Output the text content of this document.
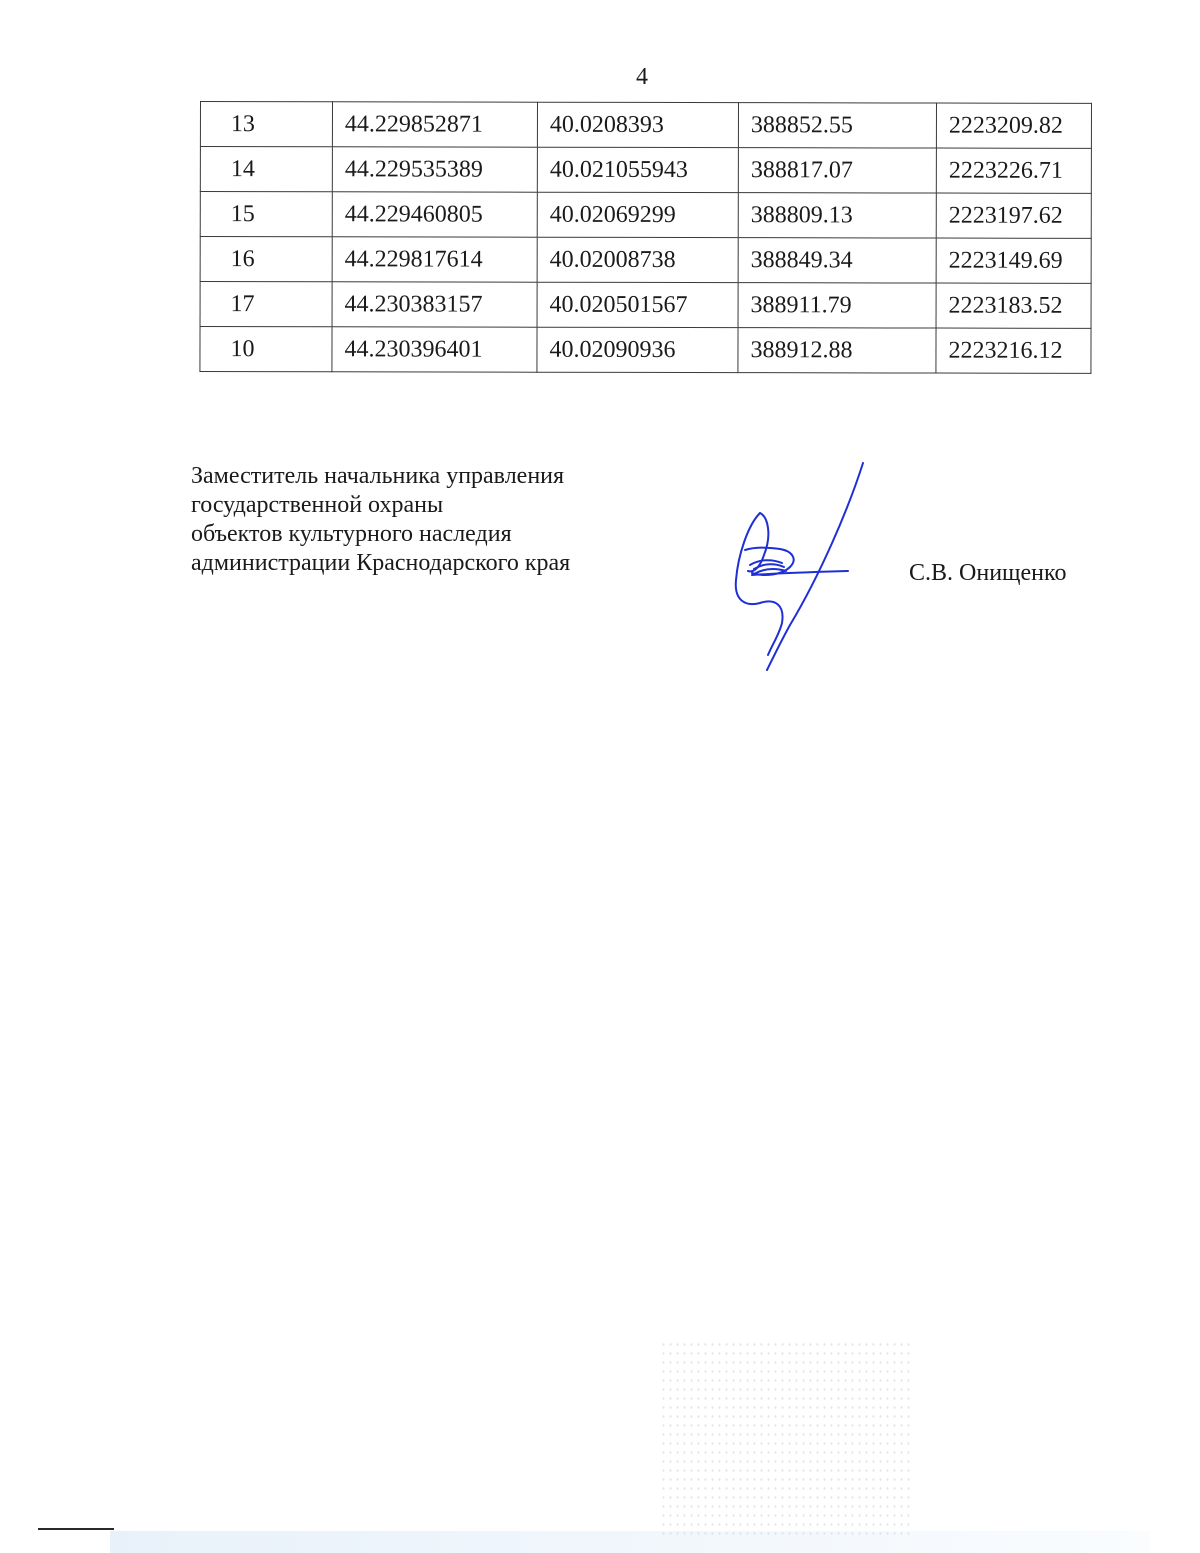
4
13	44.229852871	40.0208393	388852.55	2223209.82
14	44.229535389	40.021055943	388817.07	2223226.71
15	44.229460805	40.02069299	388809.13	2223197.62
16	44.229817614	40.02008738	388849.34	2223149.69
17	44.230383157	40.020501567	388911.79	2223183.52
10	44.230396401	40.02090936	388912.88	2223216.12
Заместитель начальника управления
государственной охраны
объектов культурного наследия
администрации Краснодарского края	С.В. Онищенко
